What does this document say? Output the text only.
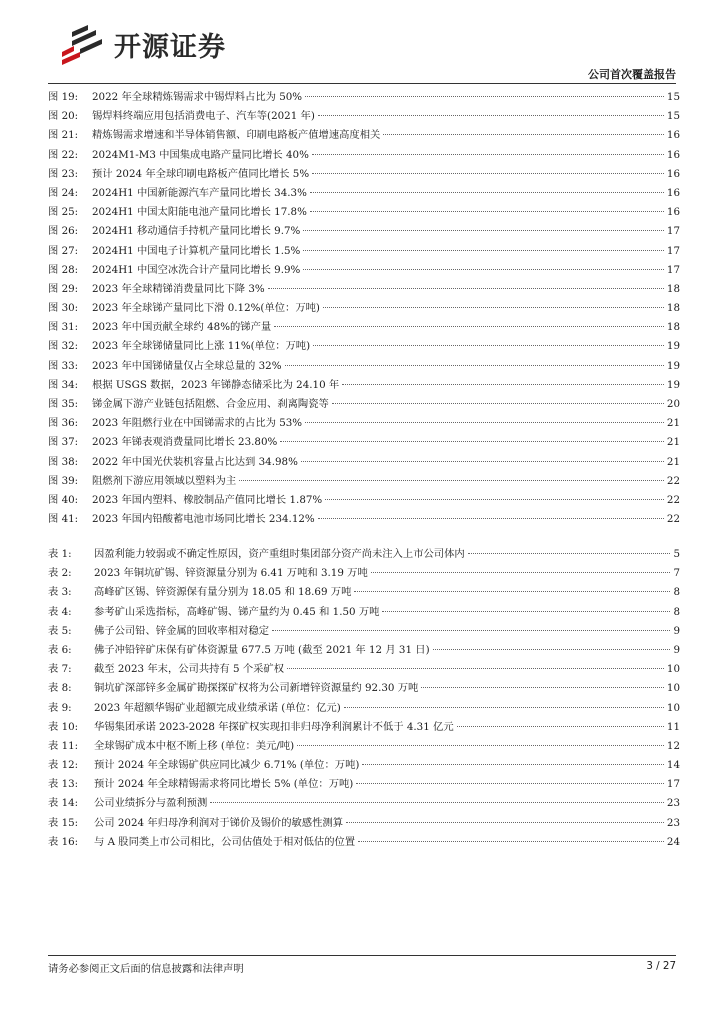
开源证券
公司首次覆盖报告
图 19:	2022 年全球精炼锡需求中锡焊料占比为 50%	15
图 20:	锡焊料终端应用包括消费电子、汽车等(2021 年)	15
图 21:	精炼锡需求增速和半导体销售额、印刷电路板产值增速高度相关	16
图 22:	2024M1-M3 中国集成电路产量同比增长 40%	16
图 23:	预计 2024 年全球印刷电路板产值同比增长 5%	16
图 24:	2024H1 中国新能源汽车产量同比增长 34.3%	16
图 25:	2024H1 中国太阳能电池产量同比增长 17.8%	16
图 26:	2024H1 移动通信手持机产量同比增长 9.7%	17
图 27:	2024H1 中国电子计算机产量同比增长 1.5%	17
图 28:	2024H1 中国空冰洗合计产量同比增长 9.9%	17
图 29:	2023 年全球精锑消费量同比下降 3%	18
图 30:	2023 年全球锑产量同比下滑 0.12%(单位：万吨)	18
图 31:	2023 年中国贡献全球约 48%的锑产量	18
图 32:	2023 年全球锑储量同比上涨 11%(单位：万吨)	19
图 33:	2023 年中国锑储量仅占全球总量的 32%	19
图 34:	根据 USGS 数据，2023 年锑静态储采比为 24.10 年	19
图 35:	锑金属下游产业链包括阻燃、合金应用、刹离陶瓷等	20
图 36:	2023 年阻燃行业在中国锑需求的占比为 53%	21
图 37:	2023 年锑表观消费量同比增长 23.80%	21
图 38:	2022 年中国光伏装机容量占比达到 34.98%	21
图 39:	阻燃剂下游应用领域以塑料为主	22
图 40:	2023 年国内塑料、橡胶制品产值同比增长 1.87%	22
图 41:	2023 年国内铅酸蓄电池市场同比增长 234.12%	22
表 1:	因盈利能力较弱或不确定性原因，资产重组时集团部分资产尚未注入上市公司体内	5
表 2:	2023 年铜坑矿锡、锌资源量分别为 6.41 万吨和 3.19 万吨	7
表 3:	高峰矿区锡、锌资源保有量分别为 18.05 和 18.69 万吨	8
表 4:	参考矿山采选指标，高峰矿锡、锑产量约为 0.45 和 1.50 万吨	8
表 5:	佛子公司铅、锌金属的回收率相对稳定	9
表 6:	佛子冲铅锌矿床保有矿体资源量 677.5 万吨 (截至 2021 年 12 月 31 日)	9
表 7:	截至 2023 年末，公司共持有 5 个采矿权	10
表 8:	铜坑矿深部锌多金属矿勘探探矿权将为公司新增锌资源量约 92.30 万吨	10
表 9:	2023 年超额华锡矿业超额完成业绩承诺 (单位：亿元)	10
表 10:	华锡集团承诺 2023-2028 年探矿权实现扣非归母净利润累计不低于 4.31 亿元	11
表 11:	全球锡矿成本中枢不断上移 (单位：美元/吨)	12
表 12:	预计 2024 年全球锡矿供应同比减少 6.71% (单位：万吨)	14
表 13:	预计 2024 年全球精锡需求将同比增长 5% (单位：万吨)	17
表 14:	公司业绩拆分与盈利预测	23
表 15:	公司 2024 年归母净利润对于锑价及锡价的敏感性测算	23
表 16:	与 A 股同类上市公司相比，公司估值处于相对低估的位置	24
请务必参阅正文后面的信息披露和法律声明	3 / 27
